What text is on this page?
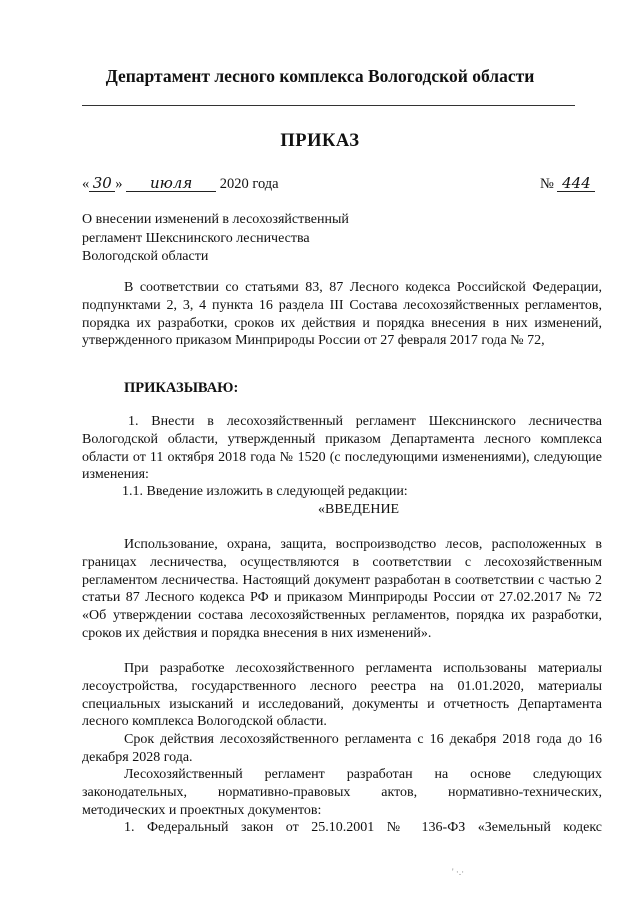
Департамент лесного комплекса Вологодской области
ПРИКАЗ
« 30 » июля 2020 года	№ 444
О внесении изменений в лесохозяйственный
регламент Шекснинского лесничества
Вологодской области

В соответствии со статьями 83, 87 Лесного кодекса Российской Федерации, подпунктами 2, 3, 4 пункта 16 раздела III Состава лесохозяйственных регламентов, порядка их разработки, сроков их действия и порядка внесения в них изменений, утвержденного приказом Минприроды России от 27 февраля 2017 года № 72,

ПРИКАЗЫВАЮ:

1. Внести в лесохозяйственный регламент Шекснинского лесничества Вологодской области, утвержденный приказом Департамента лесного комплекса области от 11 октября 2018 года № 1520 (с последующими изменениями), следующие изменения:

1.1. Введение изложить в следующей редакции:
«ВВЕДЕНИЕ

Использование, охрана, защита, воспроизводство лесов, расположенных в границах лесничества, осуществляются в соответствии с лесохозяйственным регламентом лесничества. Настоящий документ разработан в соответствии с частью 2 статьи 87 Лесного кодекса РФ и приказом Минприроды России от 27.02.2017 № 72 «Об утверждении состава лесохозяйственных регламентов, порядка их разработки, сроков их действия и порядка внесения в них изменений».

При разработке лесохозяйственного регламента использованы материалы лесоустройства, государственного лесного реестра на 01.01.2020, материалы специальных изысканий и исследований, документы и отчетность Департамента лесного комплекса Вологодской области.

Срок действия лесохозяйственного регламента с 16 декабря 2018 года до 16 декабря 2028 года.

Лесохозяйственный регламент разработан на основе следующих законодательных, нормативно-правовых актов, нормативно-технических, методических и проектных документов:

1. Федеральный закон от 25.10.2001 № 136-ФЗ «Земельный кодекс

' ·.·
